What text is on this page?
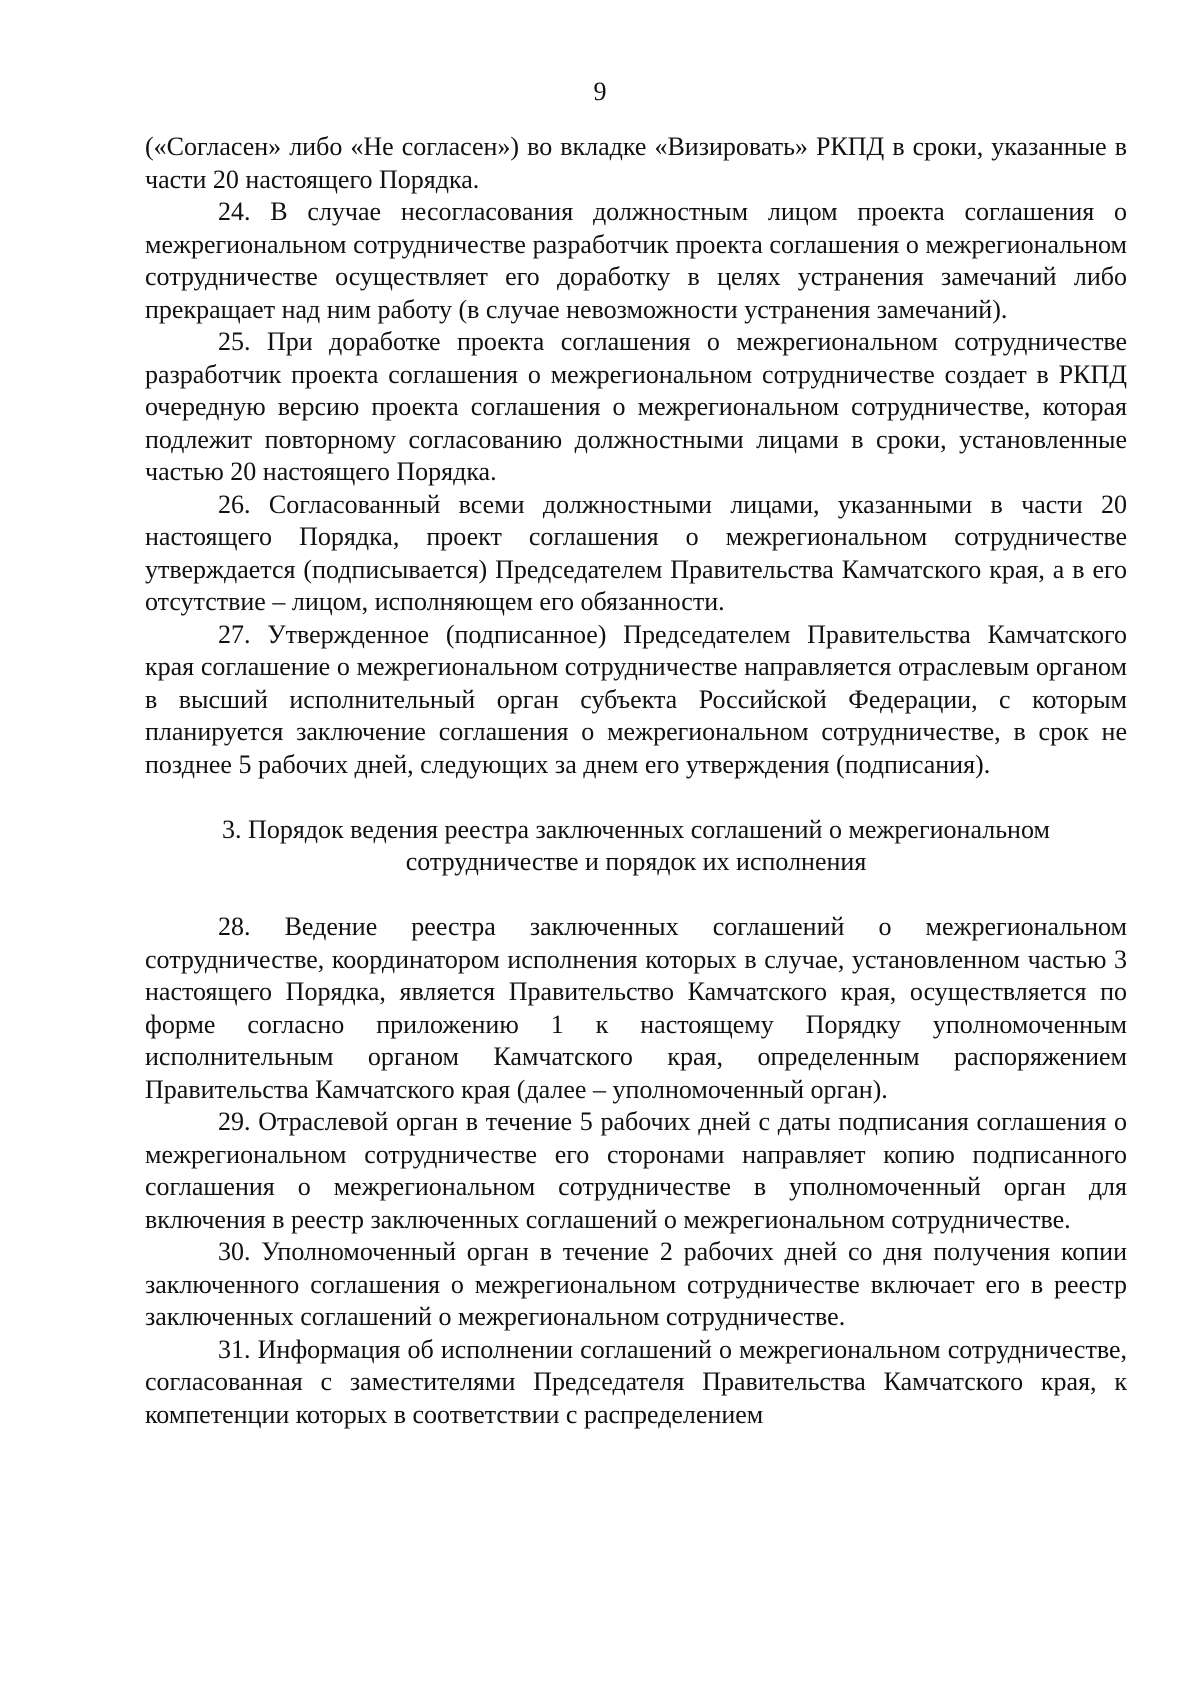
9

(«Согласен» либо «Не согласен») во вкладке «Визировать» РКПД в сроки, указанные в части 20 настоящего Порядка.

24. В случае несогласования должностным лицом проекта соглашения о межрегиональном сотрудничестве разработчик проекта соглашения о межрегиональном сотрудничестве осуществляет его доработку в целях устранения замечаний либо прекращает над ним работу (в случае невозможности устранения замечаний).

25. При доработке проекта соглашения о межрегиональном сотрудничестве разработчик проекта соглашения о межрегиональном сотрудничестве создает в РКПД очередную версию проекта соглашения о межрегиональном сотрудничестве, которая подлежит повторному согласованию должностными лицами в сроки, установленные частью 20 настоящего Порядка.

26. Согласованный всеми должностными лицами, указанными в части 20 настоящего Порядка, проект соглашения о межрегиональном сотрудничестве утверждается (подписывается) Председателем Правительства Камчатского края, а в его отсутствие – лицом, исполняющем его обязанности.

27. Утвержденное (подписанное) Председателем Правительства Камчатского края соглашение о межрегиональном сотрудничестве направляется отраслевым органом в высший исполнительный орган субъекта Российской Федерации, с которым планируется заключение соглашения о межрегиональном сотрудничестве, в срок не позднее 5 рабочих дней, следующих за днем его утверждения (подписания).

3. Порядок ведения реестра заключенных соглашений о межрегиональном
сотрудничестве и порядок их исполнения

28. Ведение реестра заключенных соглашений о межрегиональном сотрудничестве, координатором исполнения которых в случае, установленном частью 3 настоящего Порядка, является Правительство Камчатского края, осуществляется по форме согласно приложению 1 к настоящему Порядку уполномоченным исполнительным органом Камчатского края, определенным распоряжением Правительства Камчатского края (далее – уполномоченный орган).

29. Отраслевой орган в течение 5 рабочих дней с даты подписания соглашения о межрегиональном сотрудничестве его сторонами направляет копию подписанного соглашения о межрегиональном сотрудничестве в уполномоченный орган для включения в реестр заключенных соглашений о межрегиональном сотрудничестве.

30. Уполномоченный орган в течение 2 рабочих дней со дня получения копии заключенного соглашения о межрегиональном сотрудничестве включает его в реестр заключенных соглашений о межрегиональном сотрудничестве.

31. Информация об исполнении соглашений о межрегиональном сотрудничестве, согласованная с заместителями Председателя Правительства Камчатского края, к компетенции которых в соответствии с распределением
